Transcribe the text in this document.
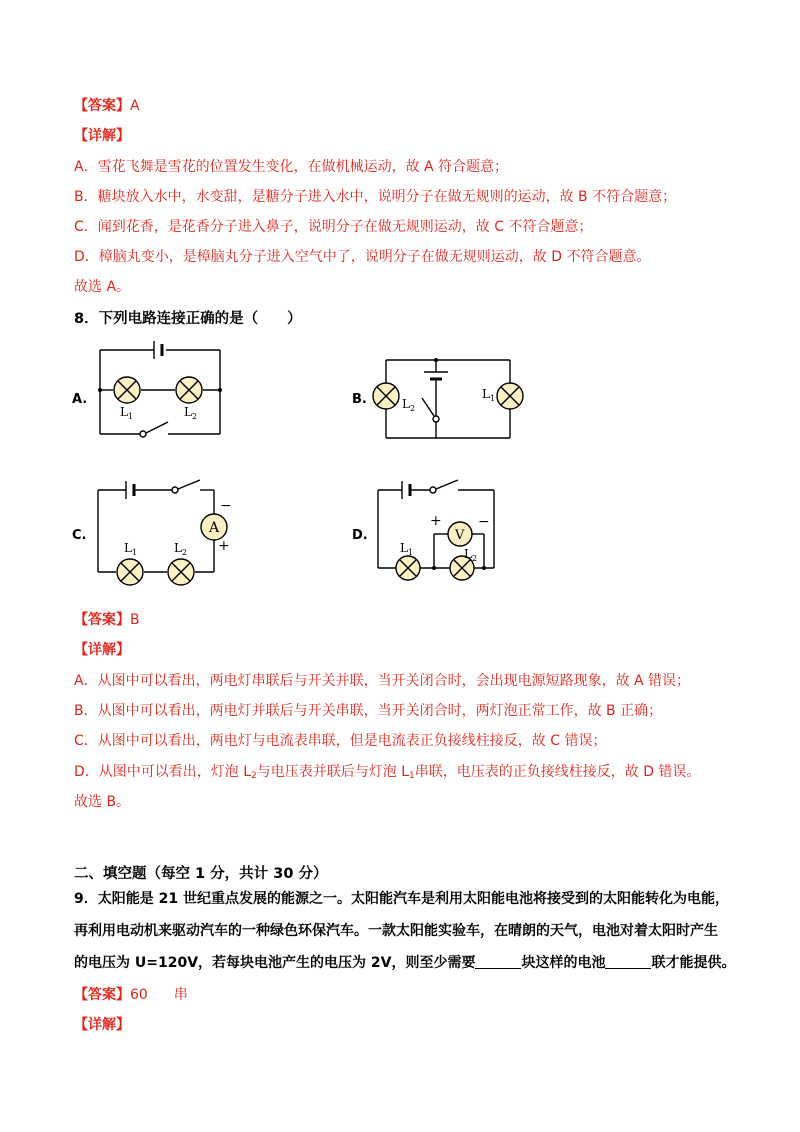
【答案】A
【详解】
A．雪花飞舞是雪花的位置发生变化，在做机械运动，故 A 符合题意；
B．糖块放入水中，水变甜，是糖分子进入水中，说明分子在做无规则的运动，故 B 不符合题意；
C．闻到花香，是花香分子进入鼻子，说明分子在做无规则运动，故 C 不符合题意；
D．樟脑丸变小，是樟脑丸分子进入空气中了，说明分子在做无规则运动，故 D 不符合题意。
故选 A。
8．下列电路连接正确的是（　　）
A.
$L_1$	$L_2$
B.	$L_2$
$L_1$
C.	A
−
+
$L_1$	$L_2$
D.	V
+	−
$L_1$	$L_2$
【答案】B
【详解】
A．从图中可以看出，两电灯串联后与开关并联，当开关闭合时，会出现电源短路现象，故 A 错误；
B．从图中可以看出，两电灯并联后与开关串联，当开关闭合时，两灯泡正常工作，故 B 正确；
C．从图中可以看出，两电灯与电流表串联，但是电流表正负接线柱接反，故 C 错误；
D．从图中可以看出，灯泡 $L_2$与电压表并联后与灯泡 $L_1$串联，电压表的正负接线柱接反，故 D 错误。
故选 B。
二、填空题（每空 1 分，共计 30 分）
9．太阳能是 21 世纪重点发展的能源之一。太阳能汽车是利用太阳能电池将接受到的太阳能转化为电能，
再利用电动机来驱动汽车的一种绿色环保汽车。一款太阳能实验车，在晴朗的天气，电池对着太阳时产生
的电压为 U=120V，若每块电池产生的电压为 2V，则至少需要	块这样的电池	联才能提供。
【答案】60 串
【详解】
